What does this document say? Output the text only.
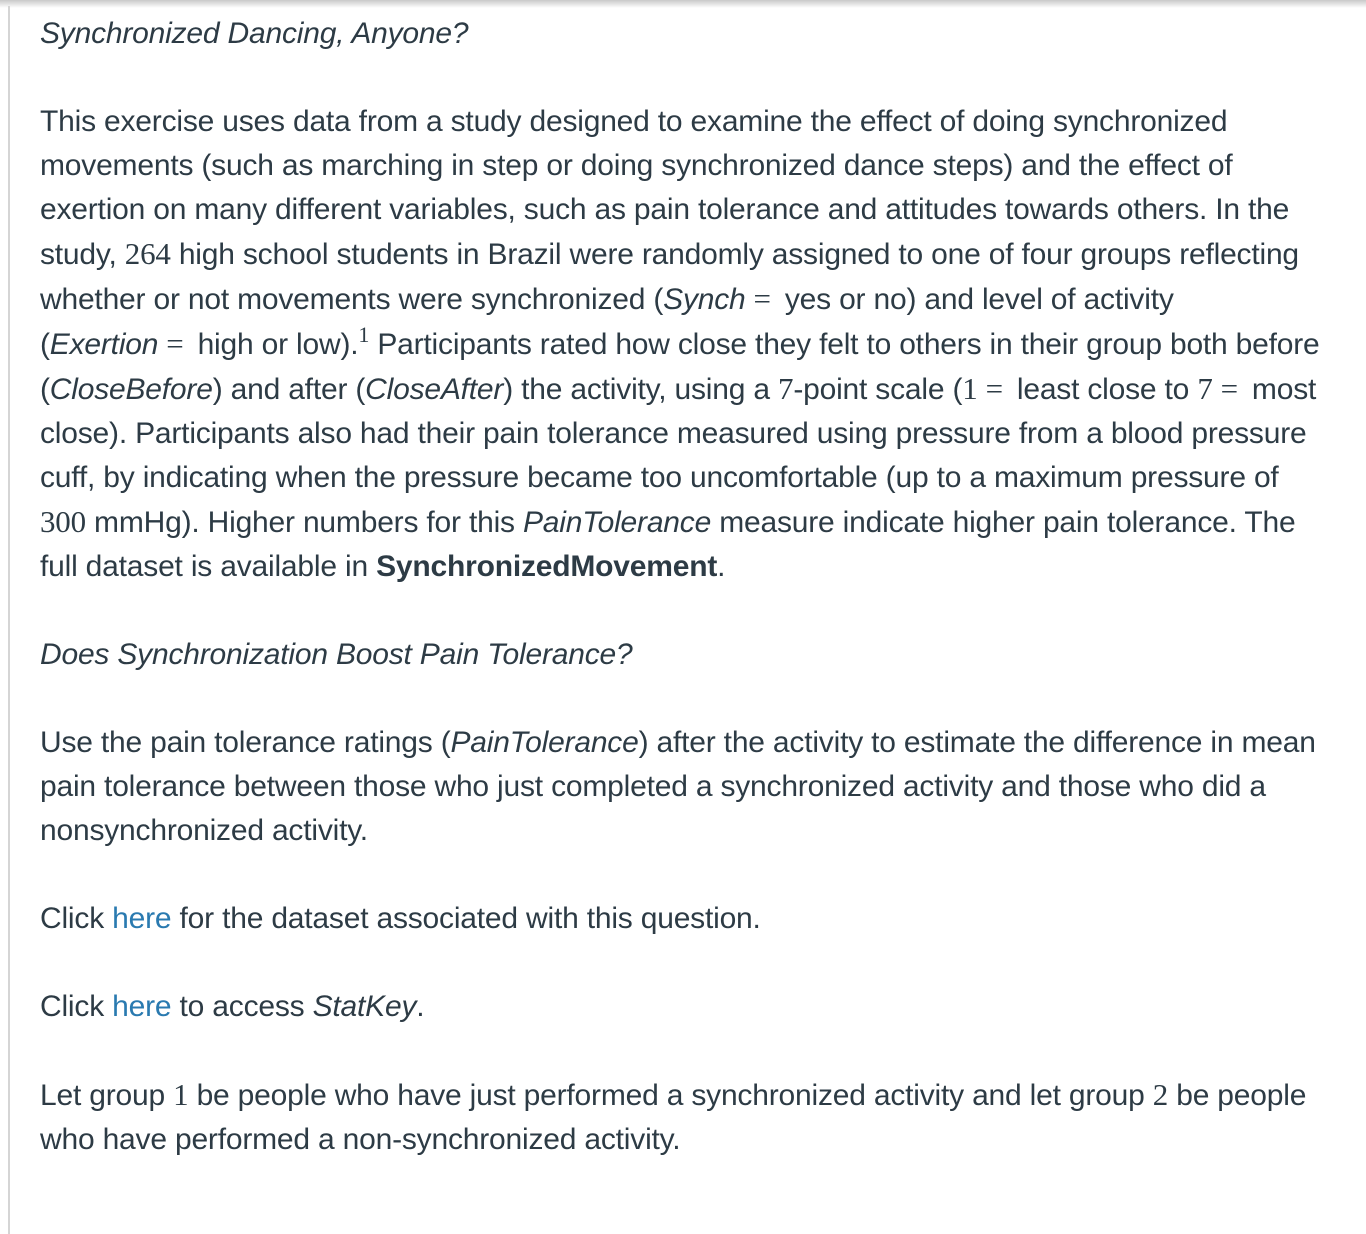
Synchronized Dancing, Anyone?

This exercise uses data from a study designed to examine the effect of doing synchronized movements (such as marching in step or doing synchronized dance steps) and the effect of exertion on many different variables, such as pain tolerance and attitudes towards others. In the study, 264 high school students in Brazil were randomly assigned to one of four groups reflecting whether or not movements were synchronized (Synch = yes or no) and level of activity (Exertion = high or low).$^1$ Participants rated how close they felt to others in their group both before (CloseBefore) and after (CloseAfter) the activity, using a 7-point scale (1 = least close to 7 = most close). Participants also had their pain tolerance measured using pressure from a blood pressure cuff, by indicating when the pressure became too uncomfortable (up to a maximum pressure of 300 mmHg). Higher numbers for this PainTolerance measure indicate higher pain tolerance. The full dataset is available in SynchronizedMovement.

Does Synchronization Boost Pain Tolerance?

Use the pain tolerance ratings (PainTolerance) after the activity to estimate the difference in mean pain tolerance between those who just completed a synchronized activity and those who did a nonsynchronized activity.

Click here for the dataset associated with this question.

Click here to access StatKey.

Let group 1 be people who have just performed a synchronized activity and let group 2 be people who have performed a non-synchronized activity.
